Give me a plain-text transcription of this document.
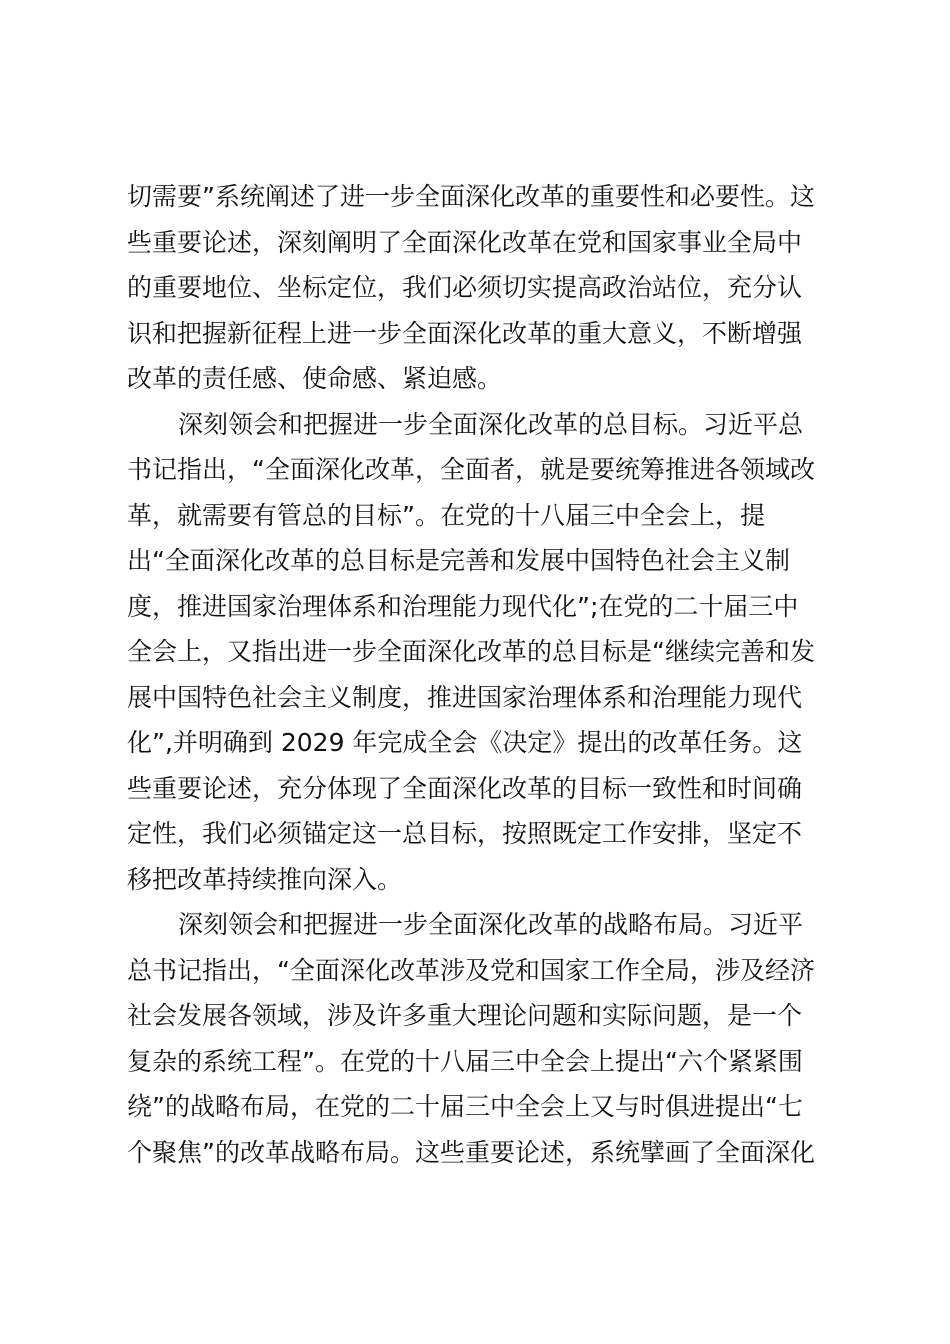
切需要”系统阐述了进一步全面深化改革的重要性和必要性。这
些重要论述，深刻阐明了全面深化改革在党和国家事业全局中
的重要地位、坐标定位，我们必须切实提高政治站位，充分认
识和把握新征程上进一步全面深化改革的重大意义，不断增强
改革的责任感、使命感、紧迫感。
深刻领会和把握进一步全面深化改革的总目标。习近平总
书记指出，“全面深化改革，全面者，就是要统筹推进各领域改
革，就需要有管总的目标”。在党的十八届三中全会上，提
出“全面深化改革的总目标是完善和发展中国特色社会主义制
度，推进国家治理体系和治理能力现代化”;在党的二十届三中
全会上，又指出进一步全面深化改革的总目标是“继续完善和发
展中国特色社会主义制度，推进国家治理体系和治理能力现代
化”,并明确到 2029 年完成全会《决定》提出的改革任务。这
些重要论述，充分体现了全面深化改革的目标一致性和时间确
定性，我们必须锚定这一总目标，按照既定工作安排，坚定不
移把改革持续推向深入。
深刻领会和把握进一步全面深化改革的战略布局。习近平
总书记指出，“全面深化改革涉及党和国家工作全局，涉及经济
社会发展各领域，涉及许多重大理论问题和实际问题，是一个
复杂的系统工程”。在党的十八届三中全会上提出“六个紧紧围
绕”的战略布局，在党的二十届三中全会上又与时俱进提出“七
个聚焦”的改革战略布局。这些重要论述，系统擘画了全面深化
